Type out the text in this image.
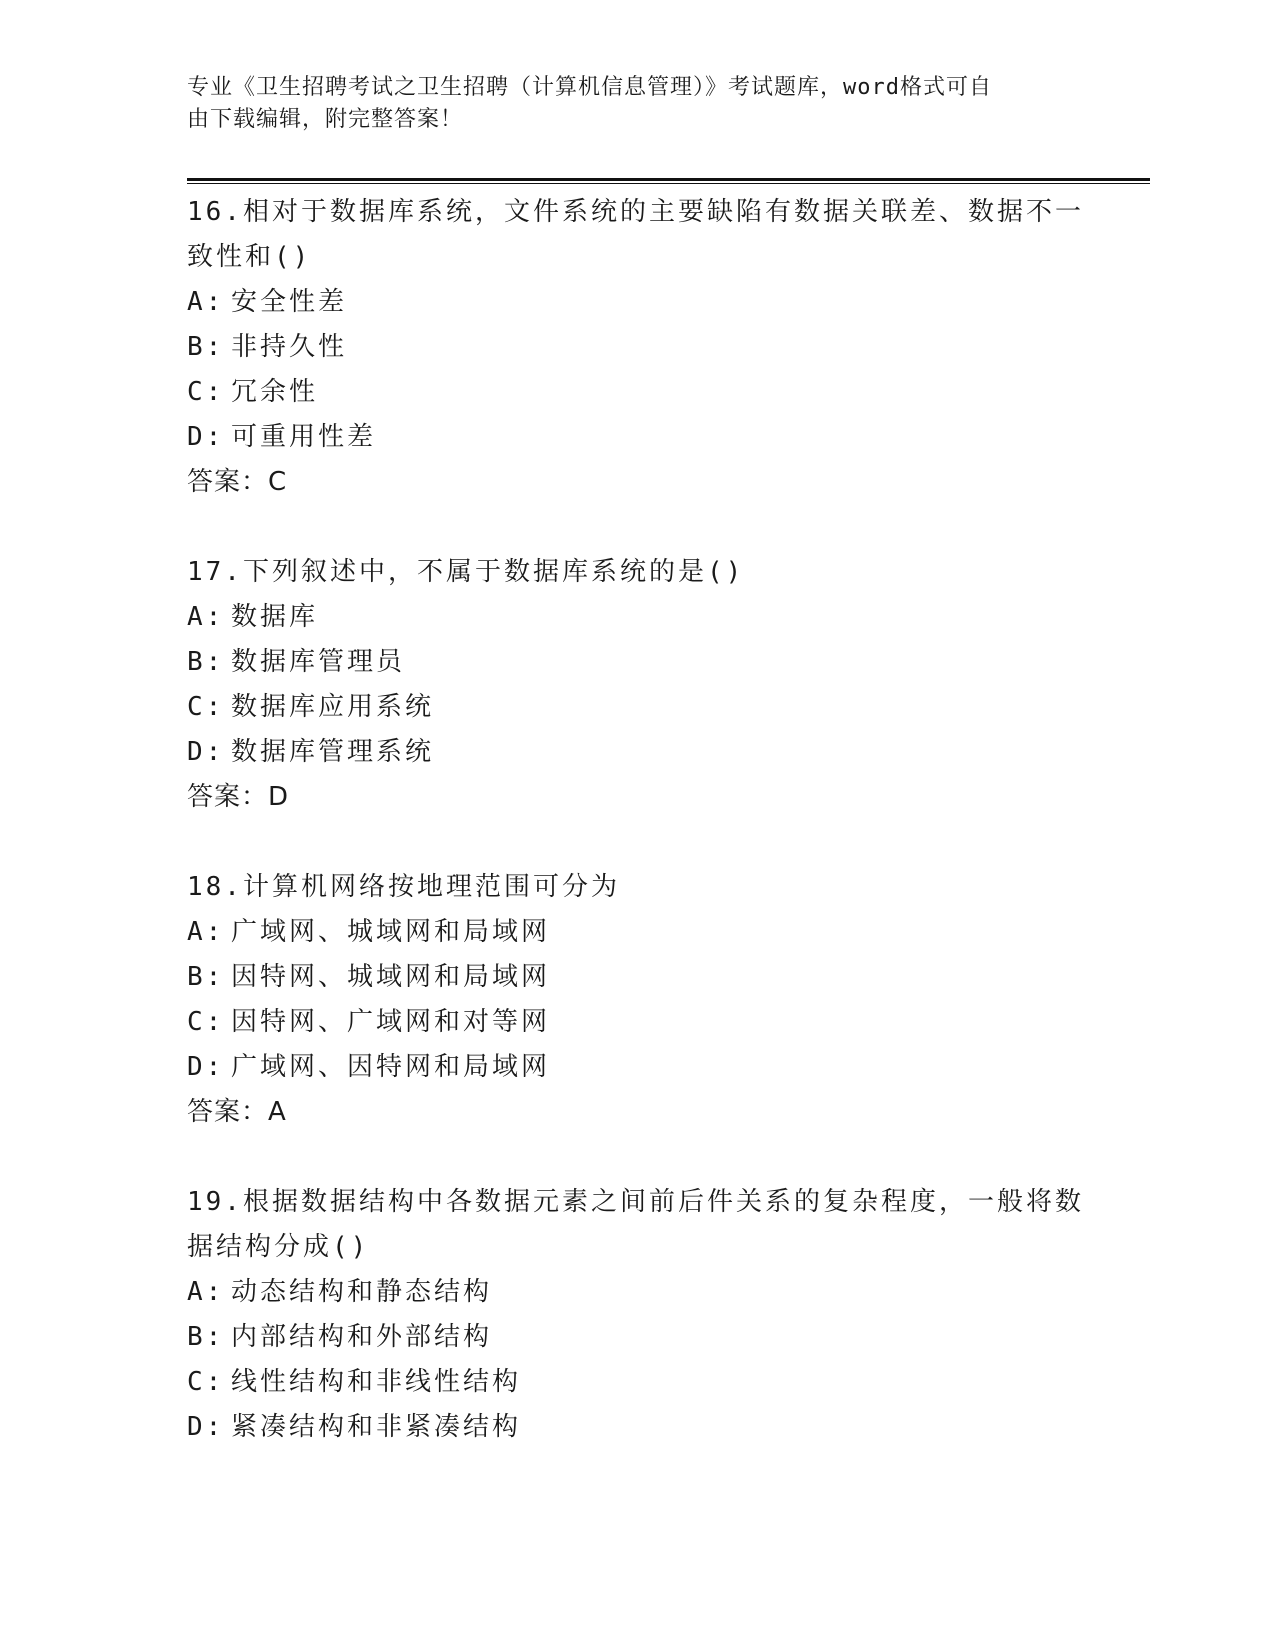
专业《卫生招聘考试之卫生招聘（计算机信息管理）》考试题库，word格式可自
由下载编辑，附完整答案！
16.相对于数据库系统，文件系统的主要缺陷有数据关联差、数据不一
致性和()
A: 安全性差
B: 非持久性
C: 冗余性
D: 可重用性差
答案：C
17.下列叙述中，不属于数据库系统的是()
A: 数据库
B: 数据库管理员
C: 数据库应用系统
D: 数据库管理系统
答案：D
18.计算机网络按地理范围可分为
A: 广域网、城域网和局域网
B: 因特网、城域网和局域网
C: 因特网、广域网和对等网
D: 广域网、因特网和局域网
答案：A
19.根据数据结构中各数据元素之间前后件关系的复杂程度，一般将数
据结构分成()
A: 动态结构和静态结构
B: 内部结构和外部结构
C: 线性结构和非线性结构
D: 紧凑结构和非紧凑结构
